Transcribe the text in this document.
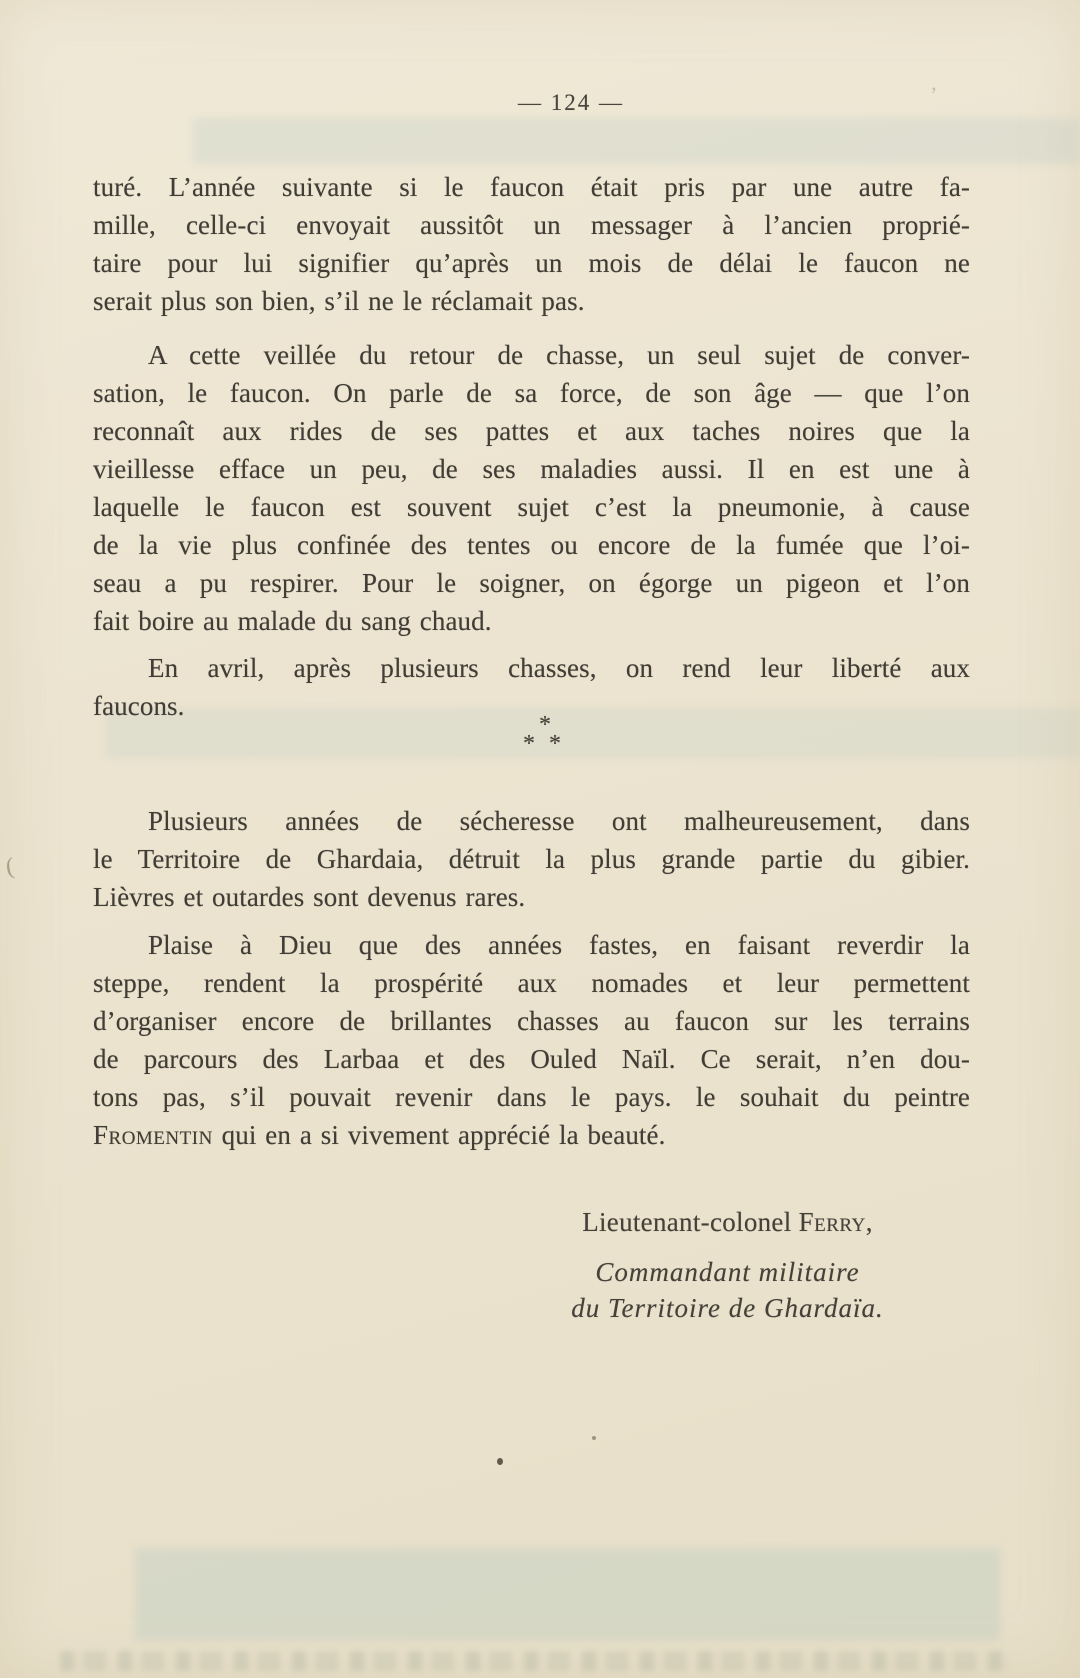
(
’
— 124 —
turé. L’année suivante si le faucon était pris par une autre fa-
mille, celle-ci envoyait aussitôt un messager à l’ancien proprié-
taire pour lui signifier qu’après un mois de délai le faucon ne
serait plus son bien, s’il ne le réclamait pas.
A cette veillée du retour de chasse, un seul sujet de conver-
sation, le faucon. On parle de sa force, de son âge — que l’on
reconnaît aux rides de ses pattes et aux taches noires que la
vieillesse efface un peu, de ses maladies aussi. Il en est une à
laquelle le faucon est souvent sujet c’est la pneumonie, à cause
de la vie plus confinée des tentes ou encore de la fumée que l’oi-
seau a pu respirer. Pour le soigner, on égorge un pigeon et l’on
fait boire au malade du sang chaud.
En avril, après plusieurs chasses, on rend leur liberté aux
faucons.
*
* *
Plusieurs années de sécheresse ont malheureusement, dans
le Territoire de Ghardaia, détruit la plus grande partie du gibier.
Lièvres et outardes sont devenus rares.
Plaise à Dieu que des années fastes, en faisant reverdir la
steppe, rendent la prospérité aux nomades et leur permettent
d’organiser encore de brillantes chasses au faucon sur les terrains
de parcours des Larbaa et des Ouled Naïl. Ce serait, n’en dou-
tons pas, s’il pouvait revenir dans le pays. le souhait du peintre
Fromentin qui en a si vivement apprécié la beauté.
Lieutenant-colonel Ferry,
Commandant militaire
du Territoire de Ghardaïa.
